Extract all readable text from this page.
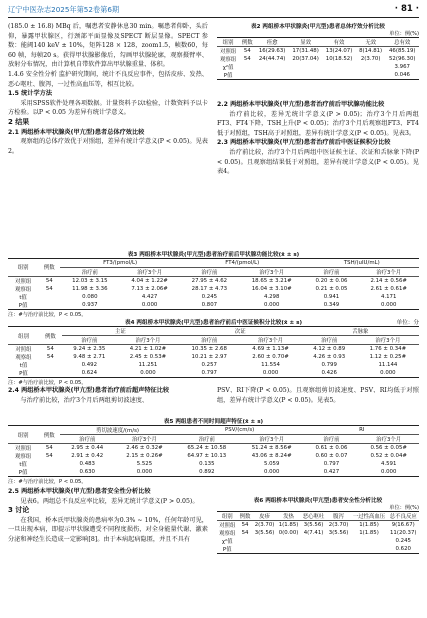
辽宁中医杂志2025年第52卷第6期	· 81 ·

(185.0 ± 16.8) MBq 后，嘱患者安静休息30 min。嘱患者仰卧，头后仰，暴露甲状腺区，行颈部平面显像及SPECT 断层显像。SPECT 参数：能阈140 keV ± 10%，矩阵128 × 128，zoom1.5，帧数60，每60 帧，每帧20 s。获得甲状腺影像后，勾画甲状腺轮廓，观察摄臂率、放射分布情况，由计算机自带软件算出甲状腺重量、体积。

1.4.6 安全性分析 监护研究期间，统计不良反应事件，包括皮疹、发热、恶心呕吐、腹泻，一过性高血压等，相互比较。

1.5 统计学方法

采用SPSS软件处理各项数据。计量资料予以t检验，计数资料予以卡方检验。以P < 0.05 为差异有统计学意义。

2 结果

2.1 两组桥本甲状腺炎(甲亢型)患者总体疗效比较

观察组的总体疗效优于对照组，差异有统计学意义(P < 0.05)。见表2。

表2 两组桥本甲状腺炎(甲亢型)患者总体疗效分析比较
单位：例(%)
组别	例数	痊愈	显效	有效	无效	总有效
对照组	54	16(29.63)	17(31.48)	13(24.07)	8(14.81)	46(85.19)
观察组	54	24(44.74)	20(37.04)	10(18.52)	2(3.70)	52(96.30)
χ²值						3.967
P值						0.046

2.2 两组桥本甲状腺炎(甲亢型)患者治疗前后甲状腺功能比较

治疗前比较，差异无统计学意义(P > 0.05)；治疗3个月后两组FT3、FT4下降，TSH上升(P < 0.05)；治疗3个月后观察组FT3、FT4低于对照组，TSH高于对照组，差异有统计学意义(P < 0.05)。见表3。

2.3 两组桥本甲状腺炎(甲亢型)患者治疗前后中医证候积分比较

治疗前比较，治疗3个月后两组中医证候主证、次证和舌脉象下降(P < 0.05)。且观察组结果低于对照组，差异有统计学意义(P < 0.05)。见表4。

表3 两组桥本甲状腺炎(甲亢型)患者治疗前后甲状腺功能比较(x̄ ± s)
组别	例数	FT3/(pmol/L)		FT4/(pmol/L)		TSH/(uIU/mL)	
		治疗前	治疗3个月	治疗前	治疗3个月	治疗前	治疗3个月
对照组	54	12.03 ± 3.15	4.04 ± 1.22#	27.95 ± 4.62	18.65 ± 3.21#	0.20 ± 0.06	2.14 ± 0.56#
观察组	54	11.98 ± 3.36	7.13 ± 2.06#	28.17 ± 4.73	16.04 ± 3.10#	0.21 ± 0.05	2.61 ± 0.61#
t值		0.080	4.427	0.245	4.298	0.941	4.171
P值		0.937	0.000	0.807	0.000	0.349	0.000
注：#与治疗前比较，P < 0.05。
表4 两组桥本甲状腺炎(甲亢型)患者治疗前后中医证候积分比较(x̄ ± s)	单位：分
组别	例数	主证		次证		舌脉象	
		治疗前	治疗3个月	治疗前	治疗3个月	治疗前	治疗3个月
对照组	54	9.24 ± 2.35	4.21 ± 1.02#	10.35 ± 2.68	4.69 ± 1.13#	4.12 ± 0.89	1.76 ± 0.34#
观察组	54	9.48 ± 2.71	2.45 ± 0.53#	10.21 ± 2.97	2.60 ± 0.70#	4.26 ± 0.93	1.12 ± 0.25#
t值		0.492	11.251	0.257	11.554	0.799	11.144
P值		0.624	0.000	0.797	0.000	0.426	0.000
注：#与治疗前比较，P < 0.05。

2.4 两组桥本甲状腺炎(甲亢型)患者治疗前后超声特征比较

与治疗前比较，治疗3个月后两组剪切波速度、

PSV、RI下降(P < 0.05)。且观察组剪切波速度、PSV、RI均低于对照组，差异有统计学意义(P < 0.05)。见表5。

表5 两组患者不同时间超声特征(x̄ ± s)
组别	例数	剪切波速度/(m/s)		PSV/(cm/s)		RI	
		治疗前	治疗3个月	治疗前	治疗3个月	治疗前	治疗3个月
对照组	54	2.95 ± 0.44	2.46 ± 0.32#	65.24 ± 10.58	51.24 ± 8.56#	0.61 ± 0.06	0.56 ± 0.05#
观察组	54	2.91 ± 0.42	2.15 ± 0.26#	64.97 ± 10.13	43.06 ± 8.24#	0.60 ± 0.07	0.52 ± 0.04#
t值		0.483	5.525	0.135	5.059	0.797	4.591
P值		0.630	0.000	0.892	0.000	0.427	0.000
注：#与治疗前比较，P < 0.05。

2.5 两组桥本甲状腺炎(甲亢型)患者安全性分析比较

见表6。两组总不良反应率比较，差异无统计学意义(P > 0.05)。

3 讨论

在我国，桥本氏甲状腺炎的患病率为0.3% ~ 10%，任何年龄可见，一旦出现本病，即提示甲状腺遭受不同程度损伤，对全身能量代谢、激素分泌和神经生长造成一定影响[8]。由于本病起病隐匿，并且不具有

表6 两组桥本甲状腺炎(甲亢型)患者安全性分析比较
单位：例(%)
组别	例数	皮疹	发热	恶心呕吐	腹泻	一过性高血压	总不良反应
对照组	54	2(3.70)	1(1.85)	3(5.56)	2(3.70)	1(1.85)	9(16.67)
观察组	54	3(5.56)	0(0.00)	4(7.41)	3(5.56)	1(1.85)	11(20.37)
χ²值							0.245
P值							0.620
